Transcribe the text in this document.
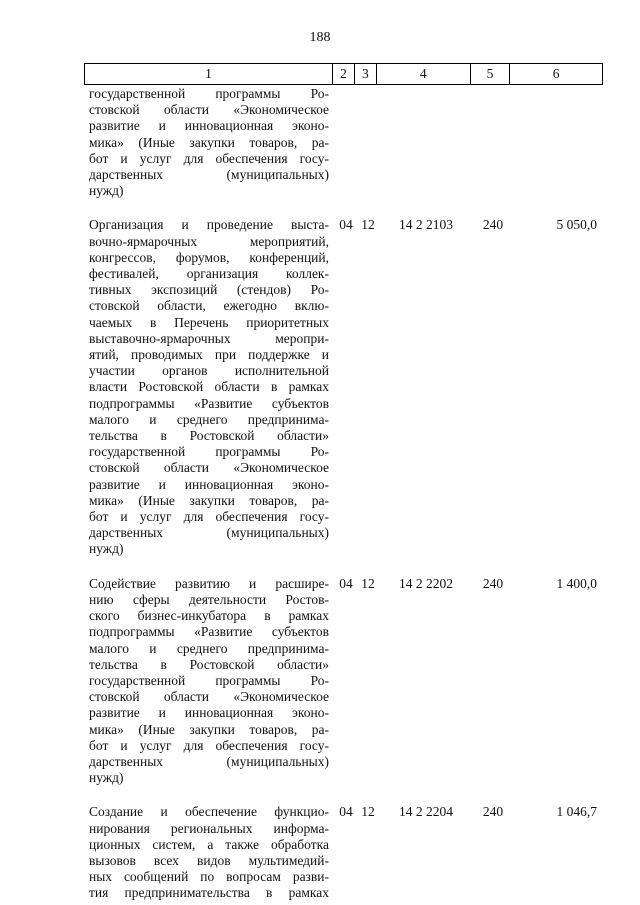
188
1	2	3	4	5	6
государственной программы Ро-
стовской области «Экономическое
развитие и инновационная эконо-
мика» (Иные закупки товаров, ра-
бот и услуг для обеспечения госу-
дарственных (муниципальных)
нужд)
Организация и проведение выста-
вочно-ярмарочных мероприятий,
конгрессов, форумов, конференций,
фестивалей, организация коллек-
тивных экспозиций (стендов) Ро-
стовской области, ежегодно вклю-
чаемых в Перечень приоритетных
выставочно-ярмарочных меропри-
ятий, проводимых при поддержке и
участии органов исполнительной
власти Ростовской области в рамках
подпрограммы «Развитие субъектов
малого и среднего предпринима-
тельства в Ростовской области»
государственной программы Ро-
стовской области «Экономическое
развитие и инновационная эконо-
мика» (Иные закупки товаров, ра-
бот и услуг для обеспечения госу-
дарственных (муниципальных)
нужд)
04 12	14 2 2103	240	5 050,0
Содействие развитию и расшире-
нию сферы деятельности Ростов-
ского бизнес-инкубатора в рамках
подпрограммы «Развитие субъектов
малого и среднего предпринима-
тельства в Ростовской области»
государственной программы Ро-
стовской области «Экономическое
развитие и инновационная эконо-
мика» (Иные закупки товаров, ра-
бот и услуг для обеспечения госу-
дарственных (муниципальных)
нужд)
04 12	14 2 2202	240	1 400,0
Создание и обеспечение функцио-
нирования региональных информа-
ционных систем, а также обработка
вызовов всех видов мультимедий-
ных сообщений по вопросам разви-
тия предпринимательства в рамках
04 12	14 2 2204	240	1 046,7
